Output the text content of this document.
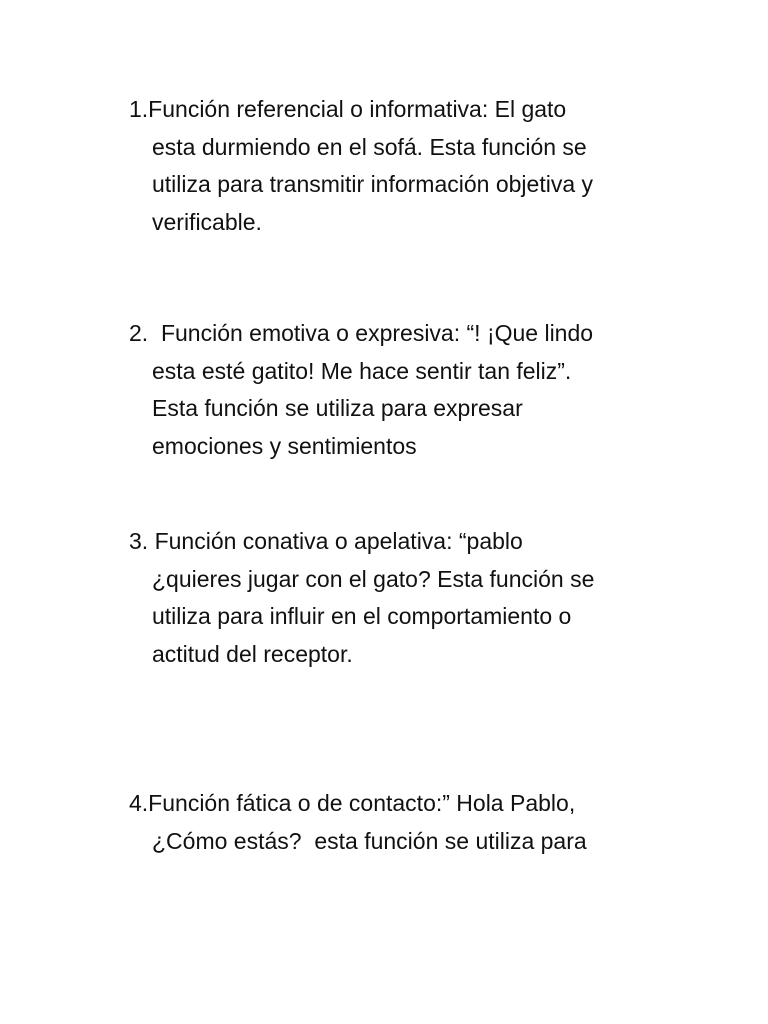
1.Función referencial o informativa: El gato
esta durmiendo en el sofá. Esta función se
utiliza para transmitir información objetiva y
verificable.
2.  Función emotiva o expresiva: “! ¡Que lindo
esta esté gatito! Me hace sentir tan feliz”.
Esta función se utiliza para expresar
emociones y sentimientos
3. Función conativa o apelativa: “pablo
¿quieres jugar con el gato? Esta función se
utiliza para influir en el comportamiento o
actitud del receptor.
4.Función fática o de contacto:” Hola Pablo,
¿Cómo estás?  esta función se utiliza para
